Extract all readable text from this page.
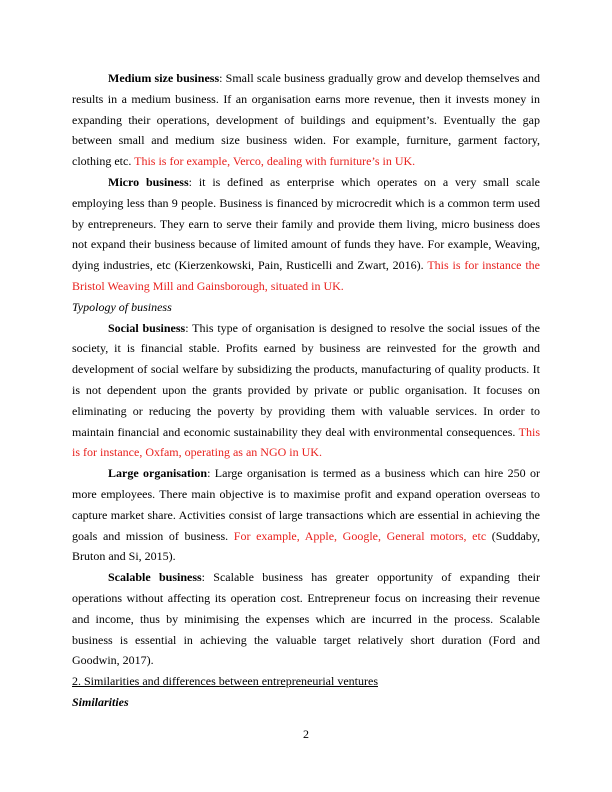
Medium size business: Small scale business gradually grow and develop themselves and results in a medium business. If an organisation earns more revenue, then it invests money in expanding their operations, development of buildings and equipment’s. Eventually the gap between small and medium size business widen. For example, furniture, garment factory, clothing etc. This is for example, Verco, dealing with furniture’s in UK.

Micro business: it is defined as enterprise which operates on a very small scale employing less than 9 people. Business is financed by microcredit which is a common term used by entrepreneurs. They earn to serve their family and provide them living, micro business does not expand their business because of limited amount of funds they have. For example, Weaving, dying industries, etc (Kierzenkowski, Pain, Rusticelli and Zwart, 2016). This is for instance the Bristol Weaving Mill and Gainsborough, situated in UK.

Typology of business

Social business: This type of organisation is designed to resolve the social issues of the society, it is financial stable. Profits earned by business are reinvested for the growth and development of social welfare by subsidizing the products, manufacturing of quality products. It is not dependent upon the grants provided by private or public organisation. It focuses on eliminating or reducing the poverty by providing them with valuable services. In order to maintain financial and economic sustainability they deal with environmental consequences. This is for instance, Oxfam, operating as an NGO in UK.

Large organisation: Large organisation is termed as a business which can hire 250 or more employees. There main objective is to maximise profit and expand operation overseas to capture market share. Activities consist of large transactions which are essential in achieving the goals and mission of business. For example, Apple, Google, General motors, etc (Suddaby, Bruton and Si, 2015).

Scalable business: Scalable business has greater opportunity of expanding their operations without affecting its operation cost. Entrepreneur focus on increasing their revenue and income, thus by minimising the expenses which are incurred in the process. Scalable business is essential in achieving the valuable target relatively short duration (Ford and Goodwin, 2017).

2. Similarities and differences between entrepreneurial ventures

Similarities

2
